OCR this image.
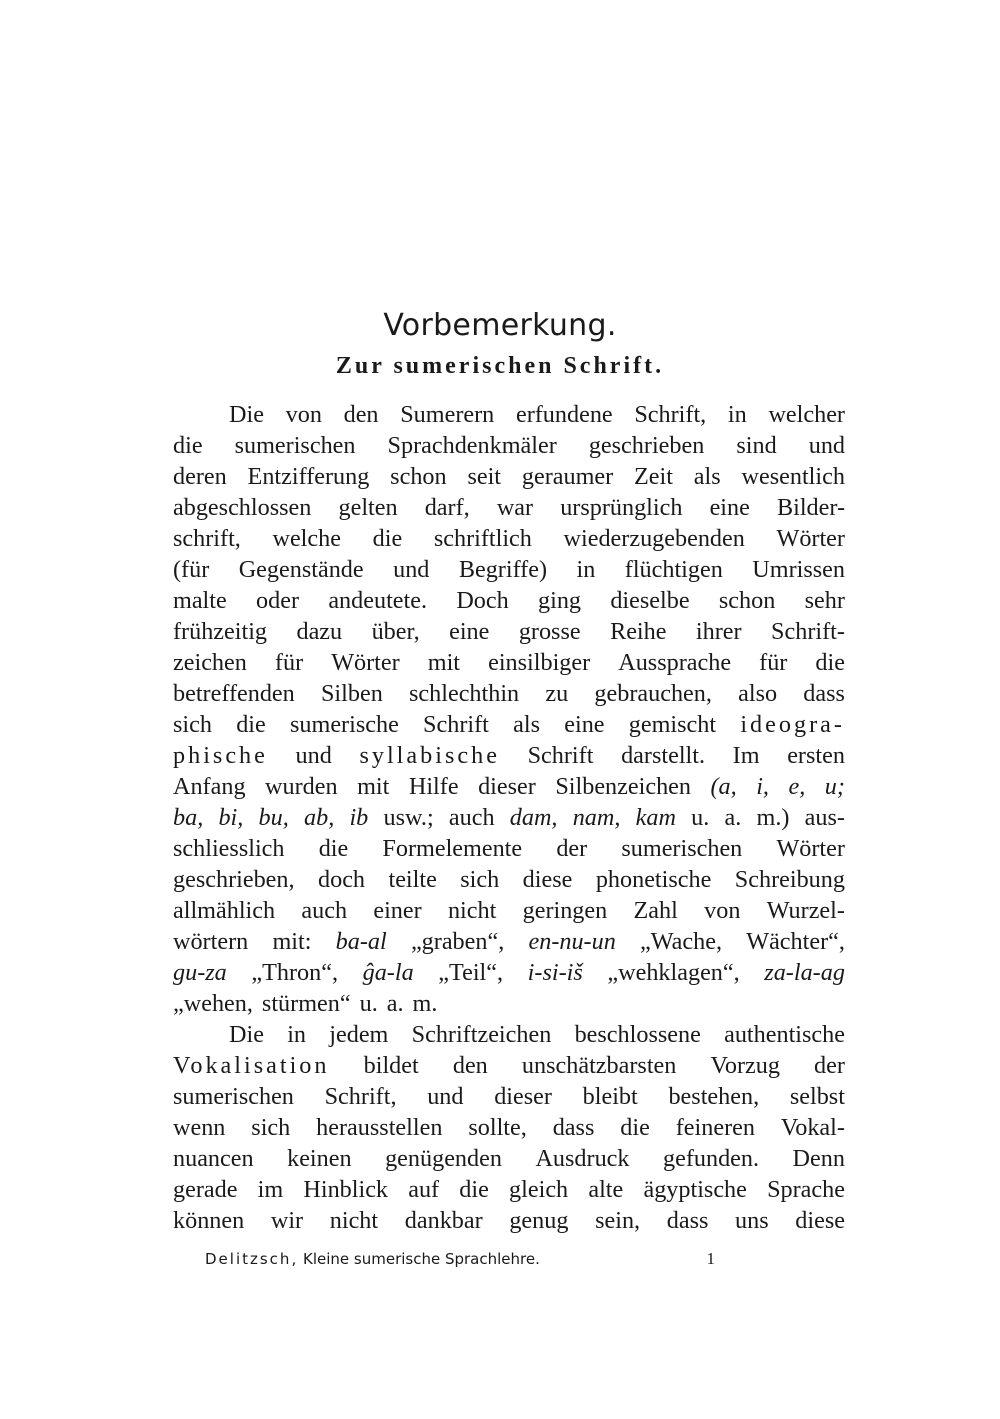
Vorbemerkung.
Zur sumerischen Schrift.
Die von den Sumerern erfundene Schrift, in welcher
die sumerischen Sprachdenkmäler geschrieben sind und
deren Entzifferung schon seit geraumer Zeit als wesentlich
abgeschlossen gelten darf, war ursprünglich eine Bilder-
schrift, welche die schriftlich wiederzugebenden Wörter
(für Gegenstände und Begriffe) in flüchtigen Umrissen
malte oder andeutete. Doch ging dieselbe schon sehr
frühzeitig dazu über, eine grosse Reihe ihrer Schrift-
zeichen für Wörter mit einsilbiger Aussprache für die
betreffenden Silben schlechthin zu gebrauchen, also dass
sich die sumerische Schrift als eine gemischt ideogra-
phische und syllabische Schrift darstellt. Im ersten
Anfang wurden mit Hilfe dieser Silbenzeichen (a, i, e, u;
ba, bi, bu, ab, ib usw.; auch dam, nam, kam u. a. m.) aus-
schliesslich die Formelemente der sumerischen Wörter
geschrieben, doch teilte sich diese phonetische Schreibung
allmählich auch einer nicht geringen Zahl von Wurzel-
wörtern mit: ba-al „graben“, en-nu-un „Wache, Wächter“,
gu-za „Thron“, ĝa-la „Teil“, i-si-iš „wehklagen“, za-la-ag
„wehen, stürmen“ u. a. m.
Die in jedem Schriftzeichen beschlossene authentische
Vokalisation bildet den unschätzbarsten Vorzug der
sumerischen Schrift, und dieser bleibt bestehen, selbst
wenn sich herausstellen sollte, dass die feineren Vokal-
nuancen keinen genügenden Ausdruck gefunden. Denn
gerade im Hinblick auf die gleich alte ägyptische Sprache
können wir nicht dankbar genug sein, dass uns diese
Delitzsch, Kleine sumerische Sprachlehre.	1
